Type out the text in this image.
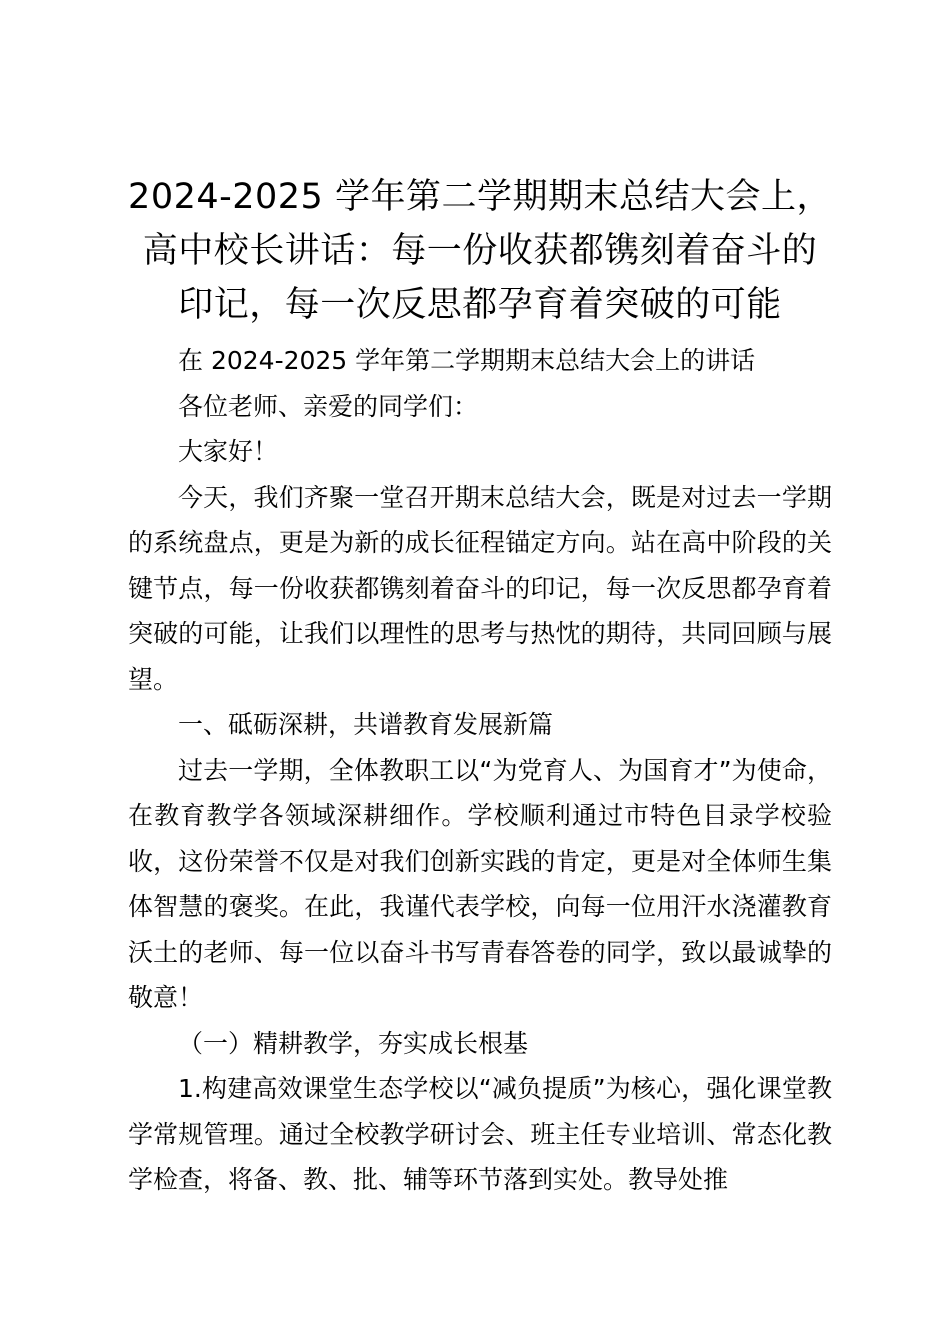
2024-2025 学年第二学期期末总结大会上，高中校长讲话：每一份收获都镌刻着奋斗的印记，每一次反思都孕育着突破的可能

在 2024-2025 学年第二学期期末总结大会上的讲话

各位老师、亲爱的同学们：

大家好！

今天，我们齐聚一堂召开期末总结大会，既是对过去一学期的系统盘点，更是为新的成长征程锚定方向。站在高中阶段的关键节点，每一份收获都镌刻着奋斗的印记，每一次反思都孕育着突破的可能，让我们以理性的思考与热忱的期待，共同回顾与展望。

一、砥砺深耕，共谱教育发展新篇

过去一学期，全体教职工以“为党育人、为国育才”为使命，在教育教学各领域深耕细作。学校顺利通过市特色目录学校验收，这份荣誉不仅是对我们创新实践的肯定，更是对全体师生集体智慧的褒奖。在此，我谨代表学校，向每一位用汗水浇灌教育沃土的老师、每一位以奋斗书写青春答卷的同学，致以最诚挚的敬意！

（一）精耕教学，夯实成长根基

1.构建高效课堂生态学校以“减负提质”为核心，强化课堂教学常规管理。通过全校教学研讨会、班主任专业培训、常态化教学检查，将备、教、批、辅等环节落到实处。教导处推
